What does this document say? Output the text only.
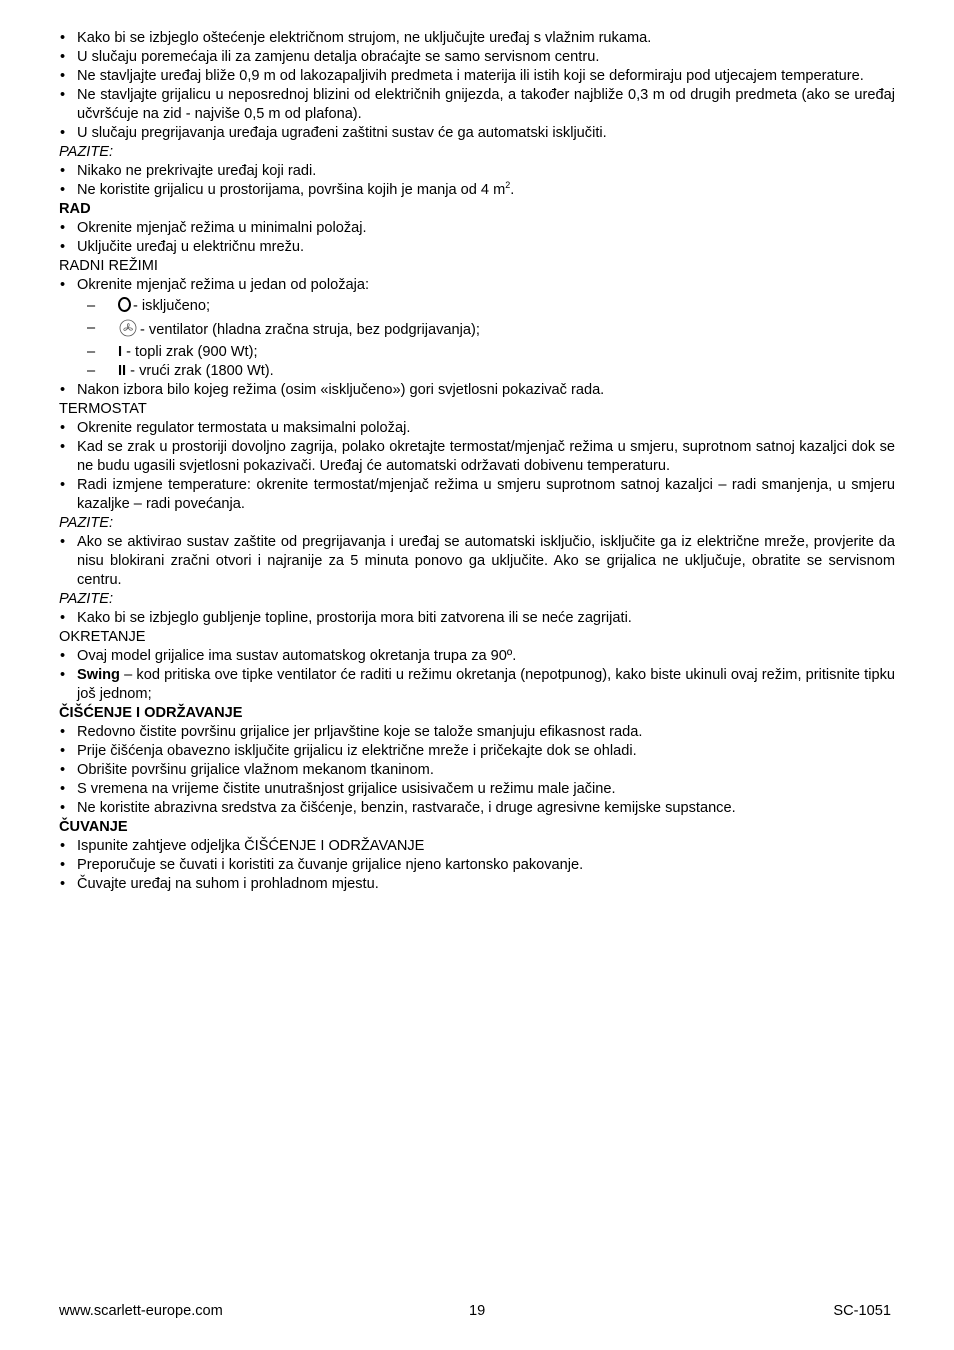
• Kako bi se izbjeglo oštećenje električnom strujom, ne uključujte uređaj s vlažnim rukama.
• U slučaju poremećaja ili za zamjenu detalja obraćajte se samo servisnom centru.
• Ne stavljajte uređaj bliže 0,9 m od lakozapaljivih predmeta i materija ili istih koji se deformiraju pod utjecajem temperature.
• Ne stavljajte grijalicu u neposrednoj blizini od električnih gnijezda, a također najbliže 0,3 m od drugih predmeta (ako se uređaj učvršćuje na zid - najviše 0,5 m od plafona).
• U slučaju pregrijavanja uređaja ugrađeni zaštitni sustav će ga automatski isključiti.
PAZITE:
• Nikako ne prekrivajte uređaj koji radi.
• Ne koristite grijalicu u prostorijama, površina kojih je manja od 4 $m^2$.
RAD
• Okrenite mjenjač režima u minimalni položaj.
• Uključite uređaj u električnu mrežu.
RADNI REŽIMI
• Okrenite mjenjač režima u jedan od položaja:
– - isključeno;
– - ventilator (hladna zračna struja, bez podgrijavanja);
– I - topli zrak (900 Wt);
– II - vrući zrak (1800 Wt).
• Nakon izbora bilo kojeg režima (osim «isključeno») gori svjetlosni pokazivač rada.
TERMOSTAT
• Okrenite regulator termostata u maksimalni položaj.
• Kad se zrak u prostoriji dovoljno zagrija, polako okretajte termostat/mjenjač režima u smjeru, suprotnom satnoj kazaljci dok se ne budu ugasili svjetlosni pokazivači. Uređaj će automatski održavati dobivenu temperaturu.
• Radi izmjene temperature: okrenite termostat/mjenjač režima u smjeru suprotnom satnoj kazaljci – radi smanjenja, u smjeru kazaljke – radi povećanja.
PAZITE:
• Ako se aktivirao sustav zaštite od pregrijavanja i uređaj se automatski isključio, isključite ga iz električne mreže, provjerite da nisu blokirani zračni otvori i najranije za 5 minuta ponovo ga uključite. Ako se grijalica ne uključuje, obratite se servisnom centru.
PAZITE:
• Kako bi se izbjeglo gubljenje topline, prostorija mora biti zatvorena ili se neće zagrijati.
OKRETANJE
• Ovaj model grijalice ima sustav automatskog okretanja trupa za 90º.
• Swing – kod pritiska ove tipke ventilator će raditi u režimu okretanja (nepotpunog), kako biste ukinuli ovaj režim, pritisnite tipku još jednom;
ČIŠĆENJE I ODRŽAVANJE
• Redovno čistite površinu grijalice jer prljavštine koje se talože smanjuju efikasnost rada.
• Prije čišćenja obavezno isključite grijalicu iz električne mreže i pričekajte dok se ohladi.
• Obrišite površinu grijalice vlažnom mekanom tkaninom.
• S vremena na vrijeme čistite unutrašnjost grijalice usisivačem u režimu male jačine.
• Ne koristite abrazivna sredstva za čišćenje, benzin, rastvarače, i druge agresivne kemijske supstance.
ČUVANJE
• Ispunite zahtjeve odjeljka ČIŠĆENJE I ODRŽAVANJE
• Preporučuje se čuvati i koristiti za čuvanje grijalice njeno kartonsko pakovanje.
• Čuvajte uređaj na suhom i prohladnom mjestu.
www.scarlett-europe.com	19	SC-1051
